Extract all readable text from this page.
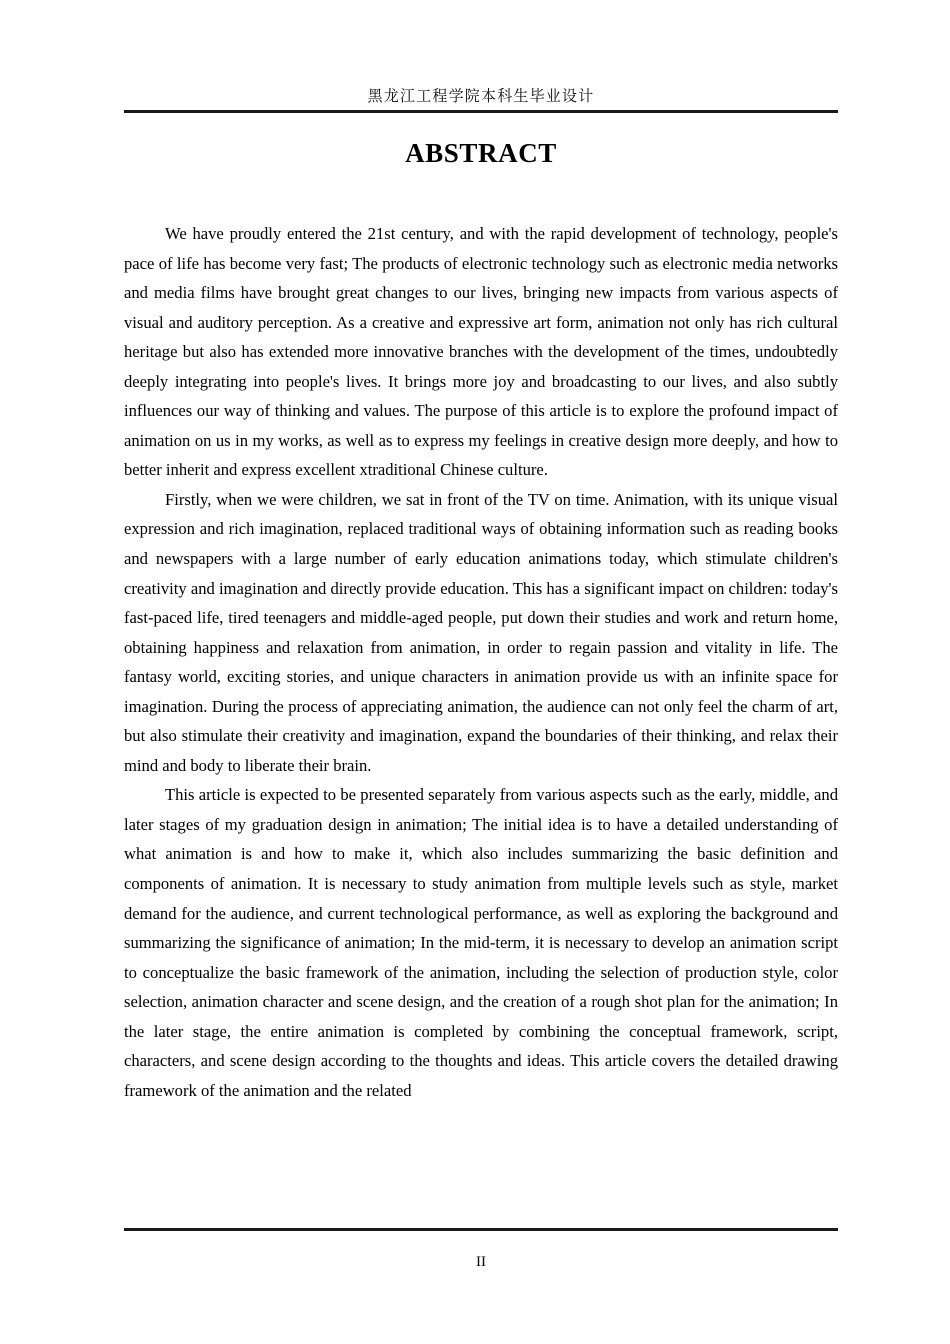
黑龙江工程学院本科生毕业设计
ABSTRACT

We have proudly entered the 21st century, and with the rapid development of technology, people's pace of life has become very fast; The products of electronic technology such as electronic media networks and media films have brought great changes to our lives, bringing new impacts from various aspects of visual and auditory perception. As a creative and expressive art form, animation not only has rich cultural heritage but also has extended more innovative branches with the development of the times, undoubtedly deeply integrating into people's lives. It brings more joy and broadcasting to our lives, and also subtly influences our way of thinking and values. The purpose of this article is to explore the profound impact of animation on us in my works, as well as to express my feelings in creative design more deeply, and how to better inherit and express excellent xtraditional Chinese culture.

Firstly, when we were children, we sat in front of the TV on time. Animation, with its unique visual expression and rich imagination, replaced traditional ways of obtaining information such as reading books and newspapers with a large number of early education animations today, which stimulate children's creativity and imagination and directly provide education. This has a significant impact on children: today's fast-paced life, tired teenagers and middle-aged people, put down their studies and work and return home, obtaining happiness and relaxation from animation, in order to regain passion and vitality in life. The fantasy world, exciting stories, and unique characters in animation provide us with an infinite space for imagination. During the process of appreciating animation, the audience can not only feel the charm of art, but also stimulate their creativity and imagination, expand the boundaries of their thinking, and relax their mind and body to liberate their brain.

This article is expected to be presented separately from various aspects such as the early, middle, and later stages of my graduation design in animation; The initial idea is to have a detailed understanding of what animation is and how to make it, which also includes summarizing the basic definition and components of animation. It is necessary to study animation from multiple levels such as style, market demand for the audience, and current technological performance, as well as exploring the background and summarizing the significance of animation; In the mid-term, it is necessary to develop an animation script to conceptualize the basic framework of the animation, including the selection of production style, color selection, animation character and scene design, and the creation of a rough shot plan for the animation; In the later stage, the entire animation is completed by combining the conceptual framework, script, characters, and scene design according to the thoughts and ideas. This article covers the detailed drawing framework of the animation and the related

II
